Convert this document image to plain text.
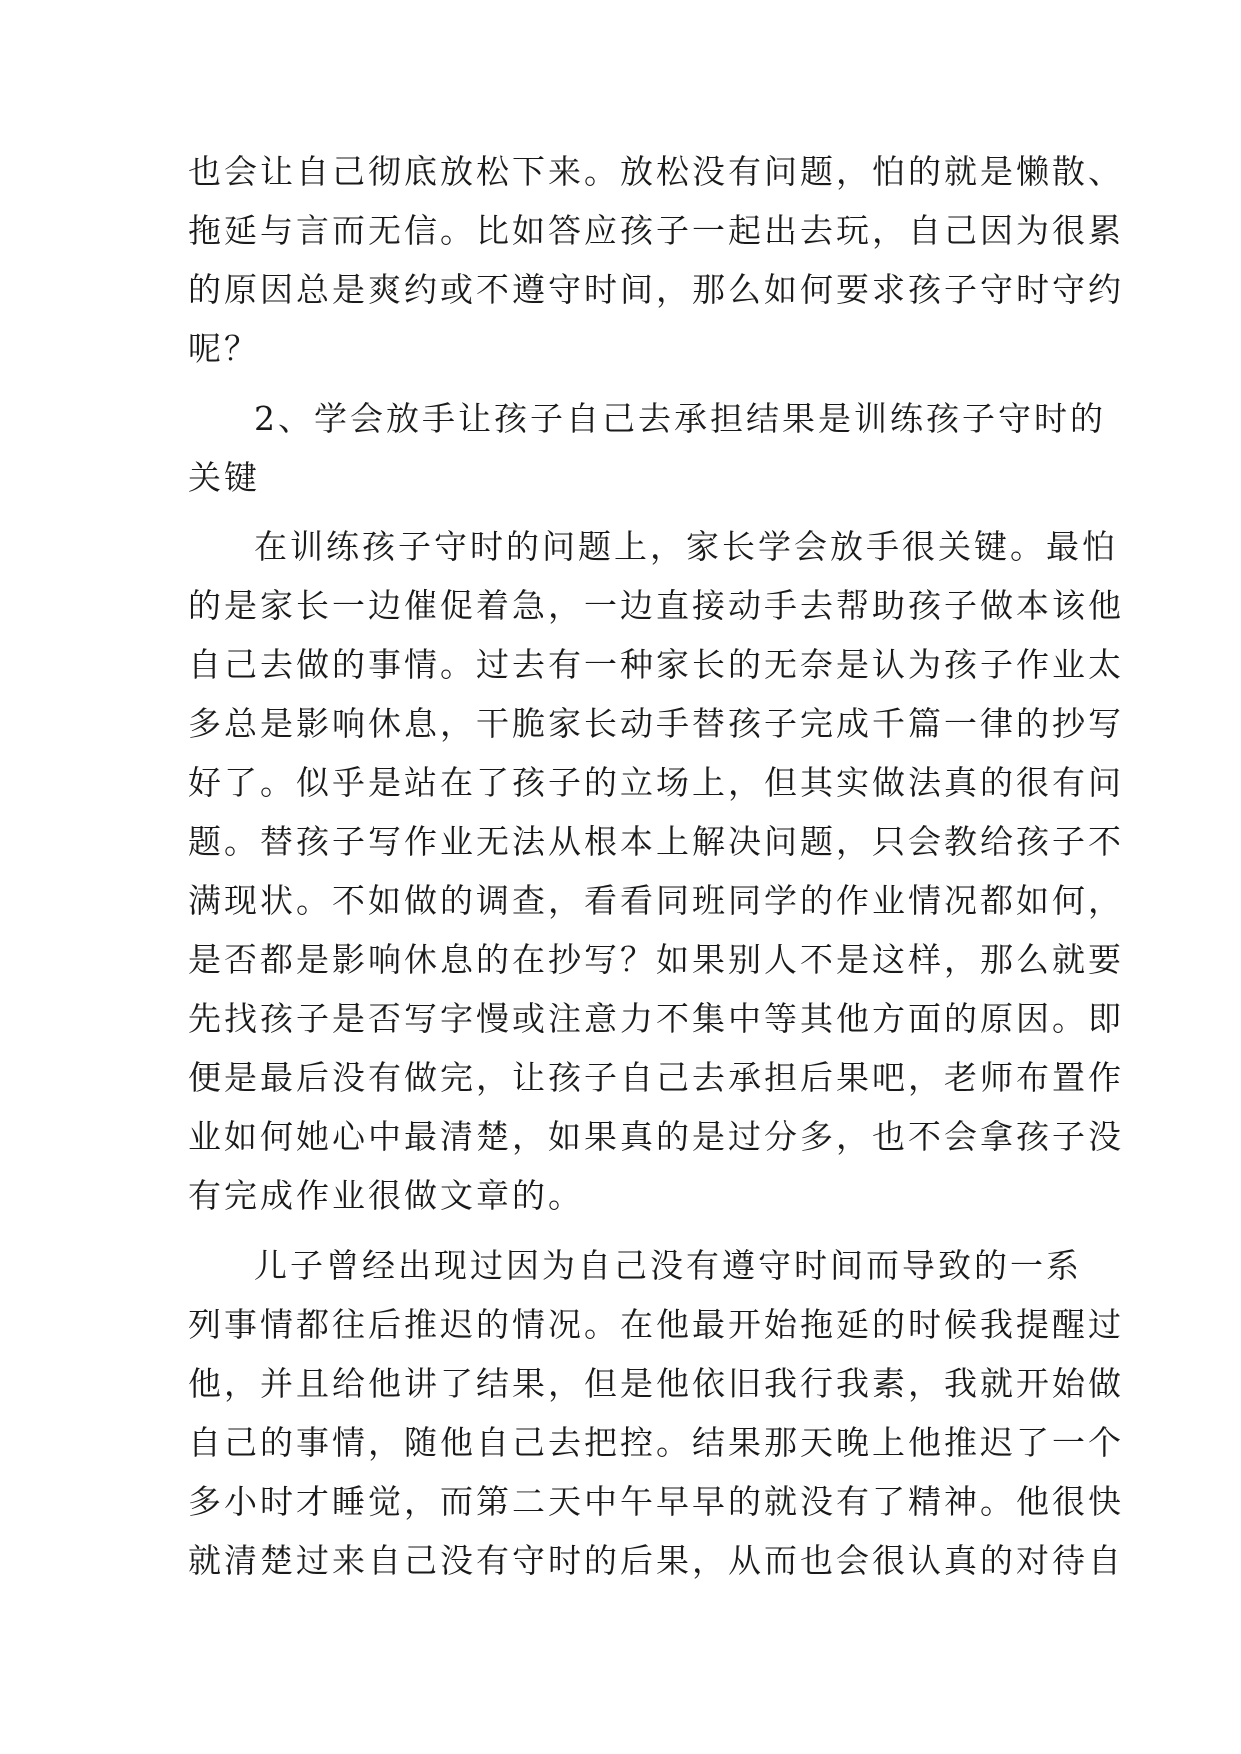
也会让自己彻底放松下来。放松没有问题，怕的就是懒散、
拖延与言而无信。比如答应孩子一起出去玩，自己因为很累
的原因总是爽约或不遵守时间，那么如何要求孩子守时守约
呢？
2、学会放手让孩子自己去承担结果是训练孩子守时的
关键
在训练孩子守时的问题上，家长学会放手很关键。最怕
的是家长一边催促着急，一边直接动手去帮助孩子做本该他
自己去做的事情。过去有一种家长的无奈是认为孩子作业太
多总是影响休息，干脆家长动手替孩子完成千篇一律的抄写
好了。似乎是站在了孩子的立场上，但其实做法真的很有问
题。替孩子写作业无法从根本上解决问题，只会教给孩子不
满现状。不如做的调查，看看同班同学的作业情况都如何，
是否都是影响休息的在抄写？如果别人不是这样，那么就要
先找孩子是否写字慢或注意力不集中等其他方面的原因。即
便是最后没有做完，让孩子自己去承担后果吧，老师布置作
业如何她心中最清楚，如果真的是过分多，也不会拿孩子没
有完成作业很做文章的。
儿子曾经出现过因为自己没有遵守时间而导致的一系
列事情都往后推迟的情况。在他最开始拖延的时候我提醒过
他，并且给他讲了结果，但是他依旧我行我素，我就开始做
自己的事情，随他自己去把控。结果那天晚上他推迟了一个
多小时才睡觉，而第二天中午早早的就没有了精神。他很快
就清楚过来自己没有守时的后果，从而也会很认真的对待自
